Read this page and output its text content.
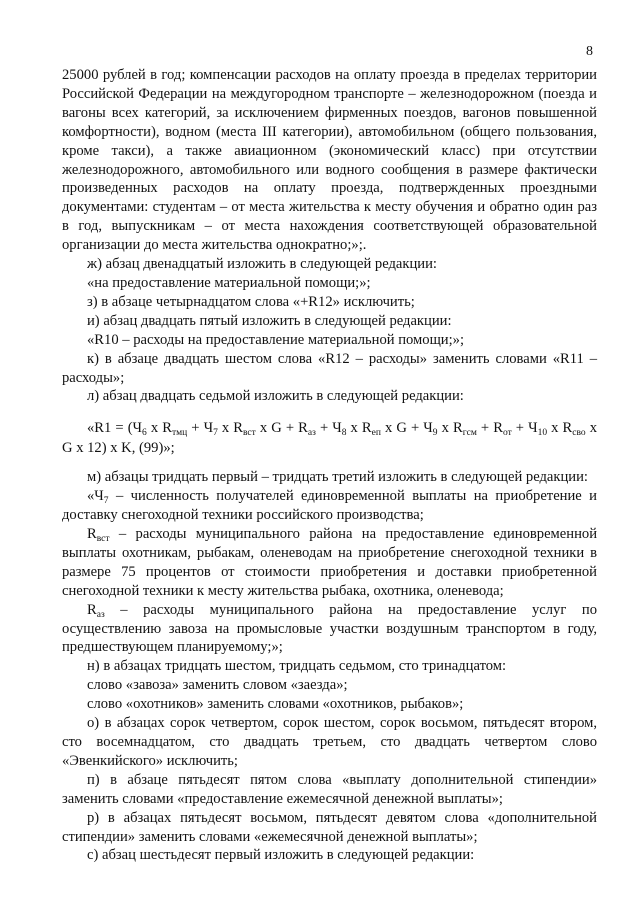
8

25000 рублей в год; компенсации расходов на оплату проезда в пределах территории Российской Федерации на междугородном транспорте – железнодорожном (поезда и вагоны всех категорий, за исключением фирменных поездов, вагонов повышенной комфортности), водном (места III категории), автомобильном (общего пользования, кроме такси), а также авиационном (экономический класс) при отсутствии железнодорожного, автомобильного или водного сообщения в размере фактически произведенных расходов на оплату проезда, подтвержденных проездными документами: студентам – от места жительства к месту обучения и обратно один раз в год, выпускникам – от места нахождения соответствующей образовательной организации до места жительства однократно;»;.

ж) абзац двенадцатый изложить в следующей редакции:

«на предоставление материальной помощи;»;

з) в абзаце четырнадцатом слова «+R12» исключить;

и) абзац двадцать пятый изложить в следующей редакции:

«R10 – расходы на предоставление материальной помощи;»;

к) в абзаце двадцать шестом слова «R12 – расходы» заменить словами «R11 – расходы»;

л) абзац двадцать седьмой изложить в следующей редакции:

«$R1 = (Ч_6$ x $R_{тмц} + Ч_7$ x $R_{вст}$ x $G + R_{аз} + Ч_8$ x $R_{еп}$ x $G + Ч_9$ x $R_{гсм} + R_{от} + Ч_{10}$ x $R_{сво}$ x G x 12) x K, (99)»;

м) абзацы тридцать первый – тридцать третий изложить в следующей редакции:

«$Ч_7$ – численность получателей единовременной выплаты на приобретение и доставку снегоходной техники российского производства;

$R_{вст}$ – расходы муниципального района на предоставление единовременной выплаты охотникам, рыбакам, оленеводам на приобретение снегоходной техники в размере 75 процентов от стоимости приобретения и доставки приобретенной снегоходной техники к месту жительства рыбака, охотника, оленевода;

$R_{аз}$ – расходы муниципального района на предоставление услуг по осуществлению завоза на промысловые участки воздушным транспортом в году, предшествующем планируемому;»;

н) в абзацах тридцать шестом, тридцать седьмом, сто тринадцатом:

слово «завоза» заменить словом «заезда»;

слово «охотников» заменить словами «охотников, рыбаков»;

о) в абзацах сорок четвертом, сорок шестом, сорок восьмом, пятьдесят втором, сто восемнадцатом, сто двадцать третьем, сто двадцать четвертом слово «Эвенкийского» исключить;

п) в абзаце пятьдесят пятом слова «выплату дополнительной стипендии» заменить словами «предоставление ежемесячной денежной выплаты»;

р) в абзацах пятьдесят восьмом, пятьдесят девятом слова «дополнительной стипендии» заменить словами «ежемесячной денежной выплаты»;

с) абзац шестьдесят первый изложить в следующей редакции:
